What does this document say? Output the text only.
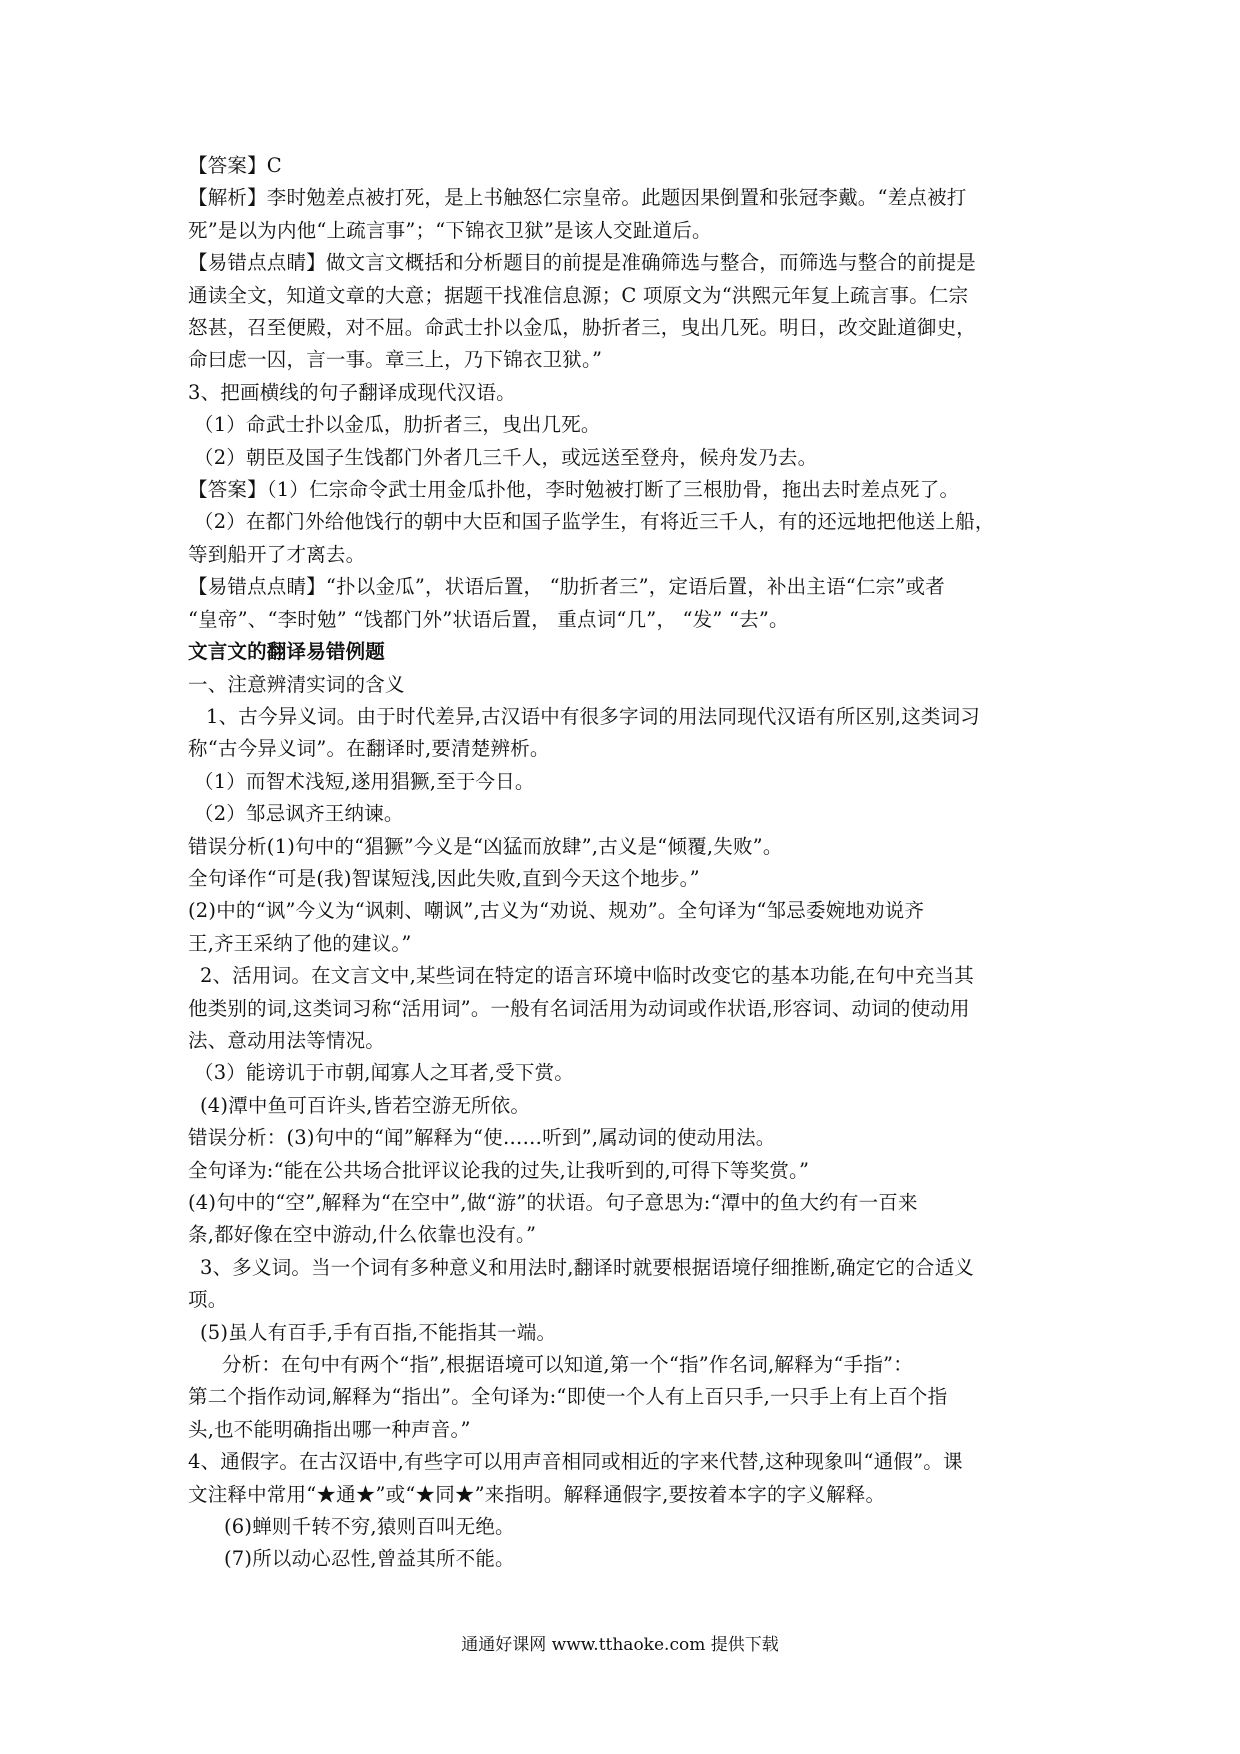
【答案】C
【解析】李时勉差点被打死，是上书触怒仁宗皇帝。此题因果倒置和张冠李戴。“差点被打
死”是以为内他“上疏言事”；“下锦衣卫狱”是该人交趾道后。
【易错点点睛】做文言文概括和分析题目的前提是准确筛选与整合，而筛选与整合的前提是
通读全文，知道文章的大意；据题干找准信息源；C 项原文为“洪熙元年复上疏言事。仁宗
怒甚，召至便殿，对不屈。命武士扑以金瓜，胁折者三，曳出几死。明日，改交趾道御史，
命曰虑一囚，言一事。章三上，乃下锦衣卫狱。”
3、把画横线的句子翻译成现代汉语。
（1）命武士扑以金瓜，肋折者三，曳出几死。
（2）朝臣及国子生饯都门外者几三千人，或远送至登舟，候舟发乃去。
【答案】（1）仁宗命令武士用金瓜扑他，李时勉被打断了三根肋骨，拖出去时差点死了。
（2）在都门外给他饯行的朝中大臣和国子监学生，有将近三千人，有的还远地把他送上船，
等到船开了才离去。
【易错点点睛】“扑以金瓜”，状语后置， “肋折者三”，定语后置，补出主语“仁宗”或者
“皇帝”、“李时勉” “饯都门外”状语后置， 重点词“几”， “发” “去”。
文言文的翻译易错例题
一、注意辨清实词的含义
1、古今异义词。由于时代差异,古汉语中有很多字词的用法同现代汉语有所区别,这类词习
称“古今异义词”。在翻译时,要清楚辨析。
（1）而智术浅短,遂用猖獗,至于今日。
（2）邹忌讽齐王纳谏。
错误分析(1)句中的“猖獗”今义是“凶猛而放肆”,古义是“倾覆,失败”。
全句译作“可是(我)智谋短浅,因此失败,直到今天这个地步。”
(2)中的“讽”今义为“讽刺、嘲讽”,古义为“劝说、规劝”。全句译为“邹忌委婉地劝说齐
王,齐王采纳了他的建议。”
2、活用词。在文言文中,某些词在特定的语言环境中临时改变它的基本功能,在句中充当其
他类别的词,这类词习称“活用词”。一般有名词活用为动词或作状语,形容词、动词的使动用
法、意动用法等情况。
（3）能谤讥于市朝,闻寡人之耳者,受下赏。
(4)潭中鱼可百许头,皆若空游无所依。
错误分析：(3)句中的“闻”解释为“使……听到”,属动词的使动用法。
全句译为:“能在公共场合批评议论我的过失,让我听到的,可得下等奖赏。”
(4)句中的“空”,解释为“在空中”,做“游”的状语。句子意思为:“潭中的鱼大约有一百来
条,都好像在空中游动,什么依靠也没有。”
3、多义词。当一个词有多种意义和用法时,翻译时就要根据语境仔细推断,确定它的合适义
项。
(5)虽人有百手,手有百指,不能指其一端。
分析：在句中有两个“指”,根据语境可以知道,第一个“指”作名词,解释为“手指”：
第二个指作动词,解释为“指出”。全句译为:“即使一个人有上百只手,一只手上有上百个指
头,也不能明确指出哪一种声音。”
4、通假字。在古汉语中,有些字可以用声音相同或相近的字来代替,这种现象叫“通假”。课
文注释中常用“★通★”或“★同★”来指明。解释通假字,要按着本字的字义解释。
(6)蝉则千转不穷,猿则百叫无绝。
(7)所以动心忍性,曾益其所不能。
通通好课网 www.tthaoke.com 提供下载
